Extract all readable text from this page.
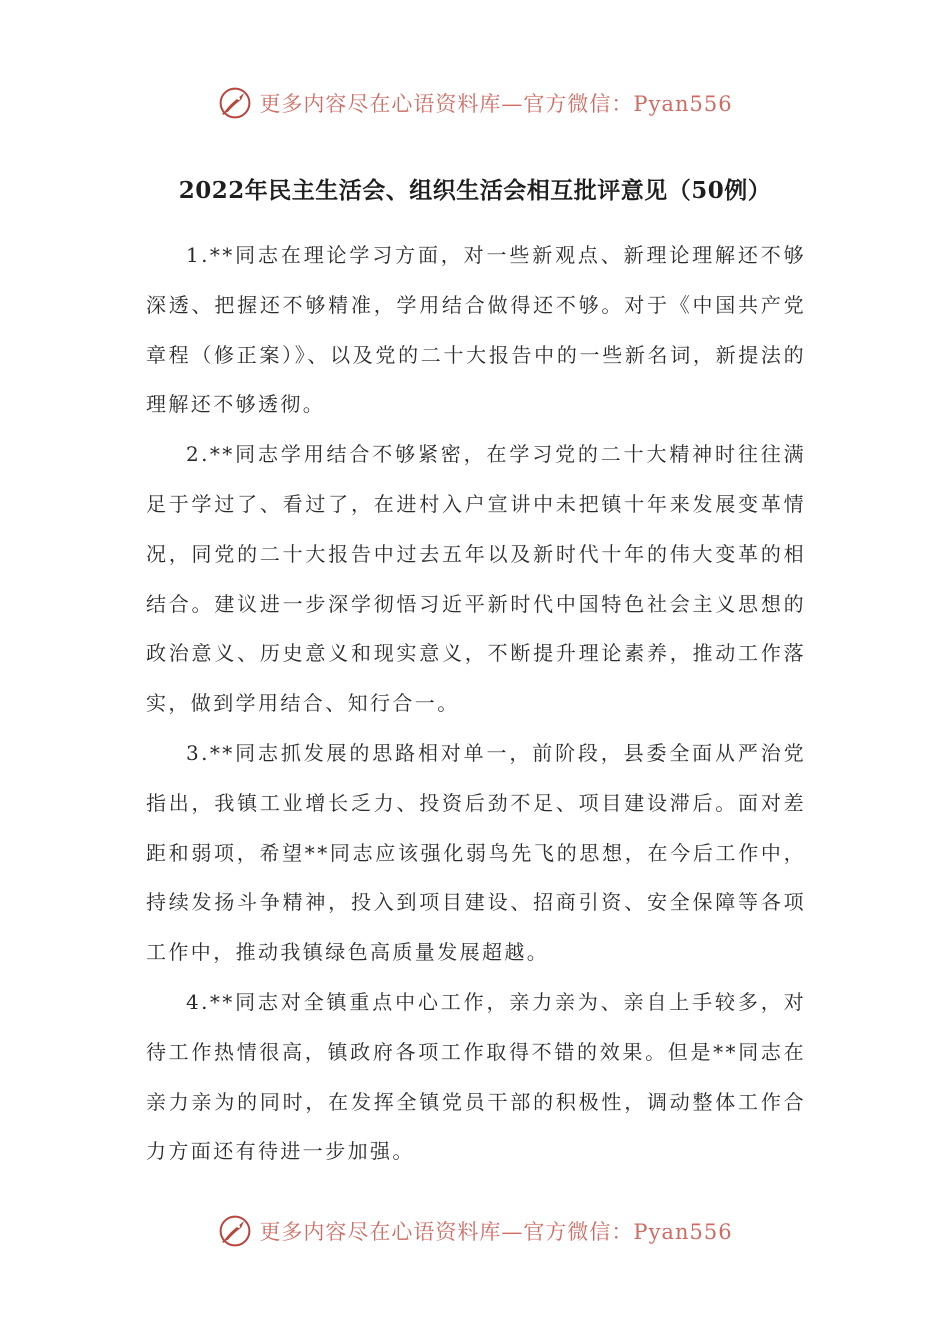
更多内容尽在心语资料库—官方微信：Pyan556
2022年民主生活会、组织生活会相互批评意见（50例）

1.**同志在理论学习方面，对一些新观点、新理论理解还不够深透、把握还不够精准，学用结合做得还不够。对于《中国共产党章程（修正案）》、以及党的二十大报告中的一些新名词，新提法的理解还不够透彻。

2.**同志学用结合不够紧密，在学习党的二十大精神时往往满足于学过了、看过了，在进村入户宣讲中未把镇十年来发展变革情况，同党的二十大报告中过去五年以及新时代十年的伟大变革的相结合。建议进一步深学彻悟习近平新时代中国特色社会主义思想的政治意义、历史意义和现实意义，不断提升理论素养，推动工作落实，做到学用结合、知行合一。

3.**同志抓发展的思路相对单一，前阶段，县委全面从严治党指出，我镇工业增长乏力、投资后劲不足、项目建设滞后。面对差距和弱项，希望**同志应该强化弱鸟先飞的思想，在今后工作中，持续发扬斗争精神，投入到项目建设、招商引资、安全保障等各项工作中，推动我镇绿色高质量发展超越。

4.**同志对全镇重点中心工作，亲力亲为、亲自上手较多，对待工作热情很高，镇政府各项工作取得不错的效果。但是**同志在亲力亲为的同时，在发挥全镇党员干部的积极性，调动整体工作合力方面还有待进一步加强。

更多内容尽在心语资料库—官方微信：Pyan556
